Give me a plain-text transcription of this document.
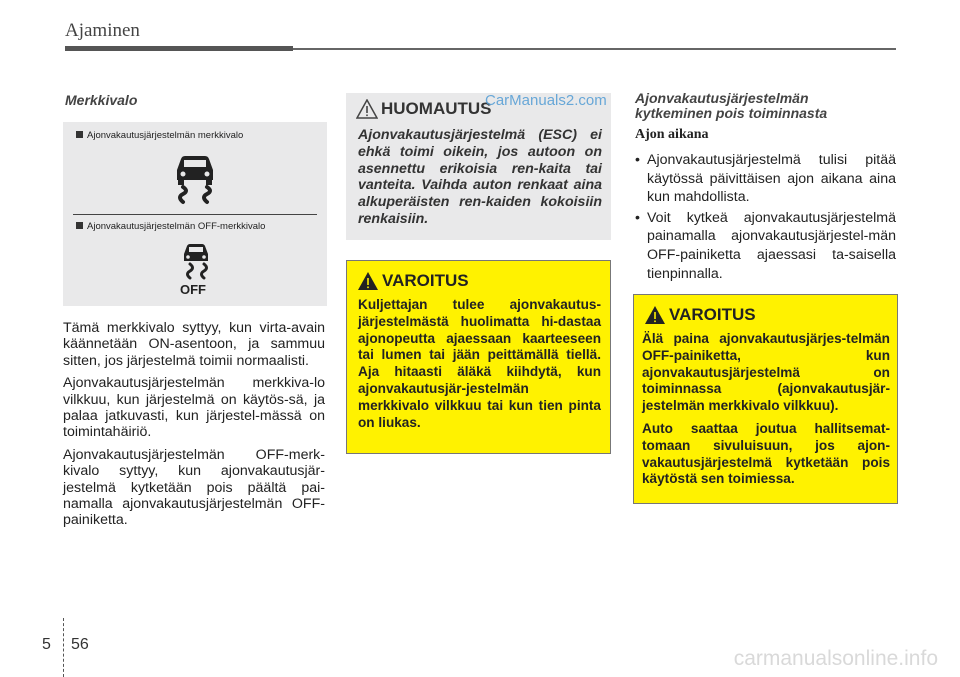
Ajaminen
Merkkivalo
Ajonvakautusjärjestelmän merkkivalo
Ajonvakautusjärjestelmän OFF-merkkivalo
OFF

Tämä merkkivalo syttyy, kun virta-avain käännetään ON-asentoon, ja sammuu sitten, jos järjestelmä toimii normaalisti.

Ajonvakautusjärjestelmän merkkiva-lo vilkkuu, kun järjestelmä on käytös-sä, ja palaa jatkuvasti, kun järjestel-mässä on toimintahäiriö.

Ajonvakautusjärjestelmän OFF-merk-kivalo syttyy, kun ajonvakautusjär-jestelmä kytketään pois päältä pai-namalla ajonvakautusjärjestelmän OFF-painiketta.

HUOMAUTUS
Ajonvakautusjärjestelmä (ESC) ei ehkä toimi oikein, jos autoon on asennettu erikoisia ren-kaita tai vanteita. Vaihda auton renkaat aina alkuperäisten ren-kaiden kokoisiin renkaisiin.
CarManuals2.com
VAROITUS
Kuljettajan tulee ajonvakautus-järjestelmästä huolimatta hi-dastaa ajonopeutta ajaessaan kaarteeseen tai lumen tai jään peittämällä tiellä. Aja hitaasti äläkä kiihdytä, kun ajonvakautusjär-jestelmän merkkivalo vilkkuu tai kun tien pinta on liukas.
Ajonvakautusjärjestelmän
kytkeminen pois toiminnasta
Ajon aikana
• Ajonvakautusjärjestelmä tulisi pitää käytössä päivittäisen ajon aikana aina kun mahdollista.
• Voit kytkeä ajonvakautusjärjestelmä painamalla ajonvakautusjärjestel-män OFF-painiketta ajaessasi ta-saisella tienpinnalla.
VAROITUS

Älä paina ajonvakautusjärjes-telmän OFF-painiketta, kun ajonvakautusjärjestelmä on toiminnassa (ajonvakautusjär-jestelmän merkkivalo vilkkuu).

Auto saattaa joutua hallitsemat-tomaan sivuluisuun, jos ajon-vakautusjärjestelmä kytketään pois käytöstä sen toimiessa.

5 56
carmanualsonline.info
